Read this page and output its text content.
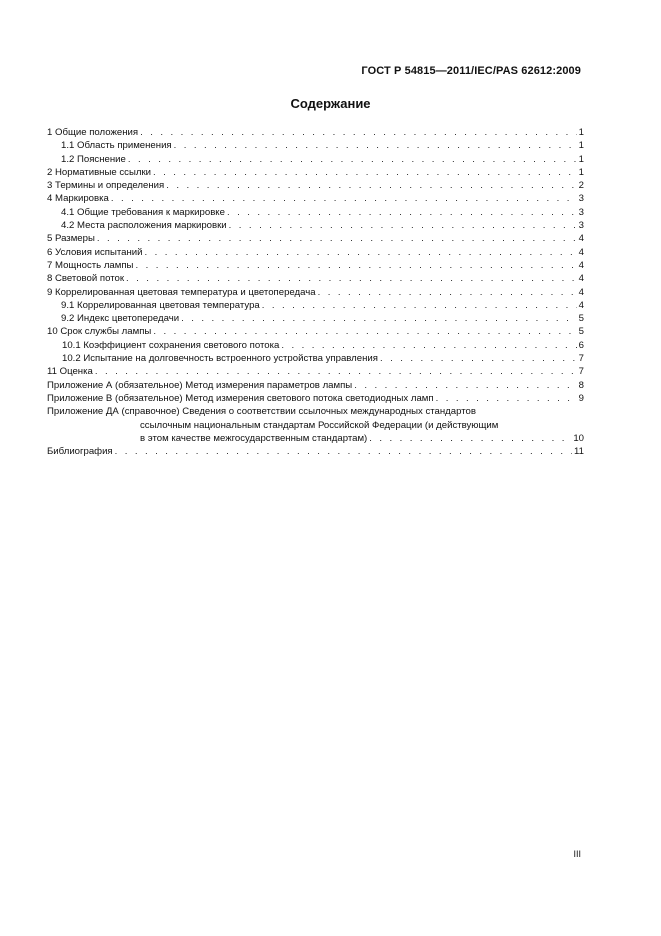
ГОСТ Р 54815—2011/IEC/PAS 62612:2009
Содержание
1 Общие положения . . .	1
1.1 Область применения . . .	1
1.2 Пояснение . . .	1
2 Нормативные ссылки . . .	1
3 Термины и определения . . .	2
4 Маркировка . . .	3
4.1 Общие требования к маркировке . . .	3
4.2 Места расположения маркировки . . .	3
5 Размеры . . .	4
6 Условия испытаний . . .	4
7 Мощность лампы . . .	4
8 Световой поток . . .	4
9 Коррелированная цветовая температура и цветопередача . . .	4
9.1 Коррелированная цветовая температура . . .	4
9.2 Индекс цветопередачи . . .	5
10 Срок службы лампы . . .	5
10.1 Коэффициент сохранения светового потока . . .	6
10.2 Испытание на долговечность встроенного устройства управления . . .	7
11 Оценка . . .	7
Приложение А (обязательное) Метод измерения параметров лампы . . .	8
Приложение В (обязательное) Метод измерения светового потока светодиодных ламп . . .	9
Приложение ДА (справочное) Сведения о соответствии ссылочных международных стандартов
ссылочным национальным стандартам Российской Федерации (и действующим
в этом качестве межгосударственным стандартам) . . .	10
Библиография . . .	11
III
